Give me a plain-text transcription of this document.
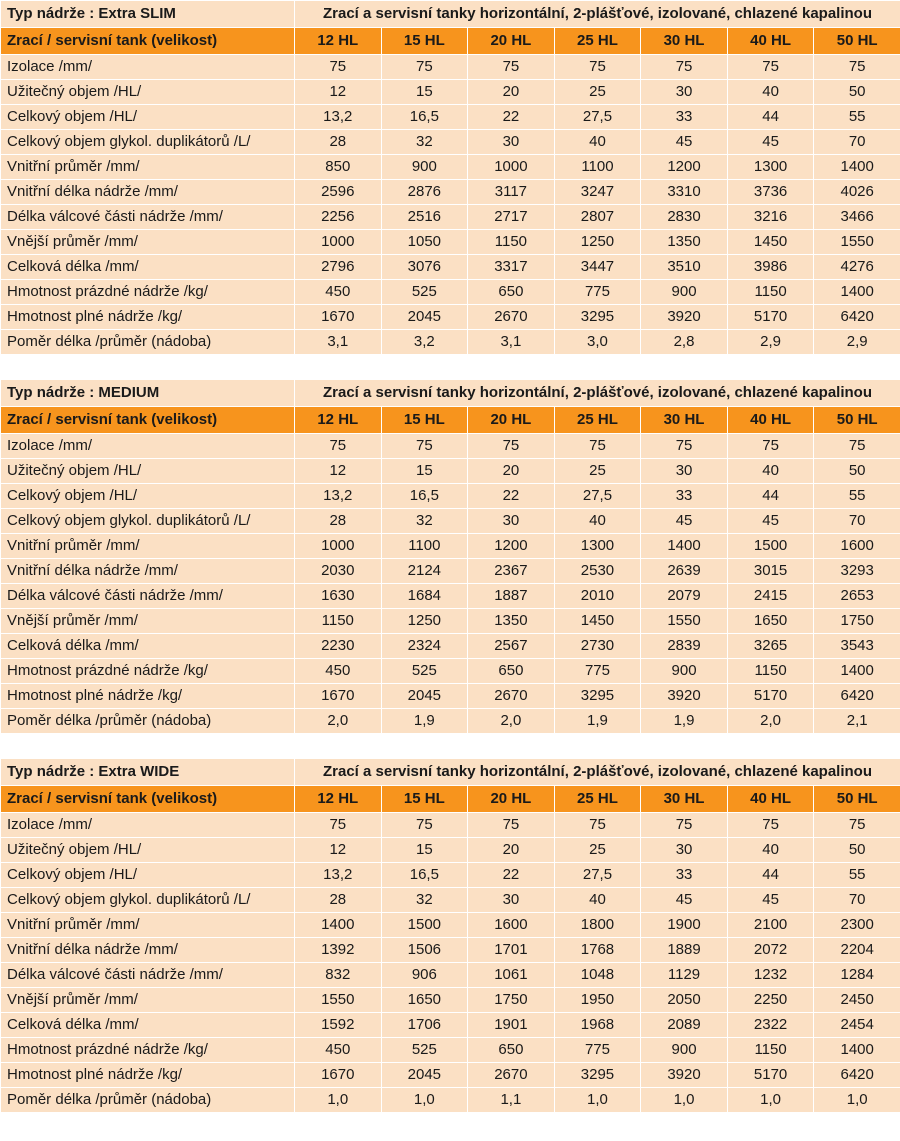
Typ nádrže : Extra SLIM	Zrací a servisní tanky horizontální, 2-plášťové, izolované, chlazené kapalinou						
Zrací / servisní tank (velikost)	12 HL	15 HL	20 HL	25 HL	30 HL	40 HL	50 HL
Izolace /mm/	75	75	75	75	75	75	75
Užitečný objem /HL/	12	15	20	25	30	40	50
Celkový objem /HL/	13,2	16,5	22	27,5	33	44	55
Celkový objem glykol. duplikátorů /L/	28	32	30	40	45	45	70
Vnitřní průměr /mm/	850	900	1000	1100	1200	1300	1400
Vnitřní délka nádrže /mm/	2596	2876	3117	3247	3310	3736	4026
Délka válcové části nádrže /mm/	2256	2516	2717	2807	2830	3216	3466
Vnější průměr /mm/	1000	1050	1150	1250	1350	1450	1550
Celková délka /mm/	2796	3076	3317	3447	3510	3986	4276
Hmotnost prázdné nádrže /kg/	450	525	650	775	900	1150	1400
Hmotnost plné nádrže /kg/	1670	2045	2670	3295	3920	5170	6420
Poměr délka /průměr (nádoba)	3,1	3,2	3,1	3,0	2,8	2,9	2,9
Typ nádrže : MEDIUM	Zrací a servisní tanky horizontální, 2-plášťové, izolované, chlazené kapalinou						
Zrací / servisní tank (velikost)	12 HL	15 HL	20 HL	25 HL	30 HL	40 HL	50 HL
Izolace /mm/	75	75	75	75	75	75	75
Užitečný objem /HL/	12	15	20	25	30	40	50
Celkový objem /HL/	13,2	16,5	22	27,5	33	44	55
Celkový objem glykol. duplikátorů /L/	28	32	30	40	45	45	70
Vnitřní průměr /mm/	1000	1100	1200	1300	1400	1500	1600
Vnitřní délka nádrže /mm/	2030	2124	2367	2530	2639	3015	3293
Délka válcové části nádrže /mm/	1630	1684	1887	2010	2079	2415	2653
Vnější průměr /mm/	1150	1250	1350	1450	1550	1650	1750
Celková délka /mm/	2230	2324	2567	2730	2839	3265	3543
Hmotnost prázdné nádrže /kg/	450	525	650	775	900	1150	1400
Hmotnost plné nádrže /kg/	1670	2045	2670	3295	3920	5170	6420
Poměr délka /průměr (nádoba)	2,0	1,9	2,0	1,9	1,9	2,0	2,1
Typ nádrže : Extra WIDE	Zrací a servisní tanky horizontální, 2-plášťové, izolované, chlazené kapalinou						
Zrací / servisní tank (velikost)	12 HL	15 HL	20 HL	25 HL	30 HL	40 HL	50 HL
Izolace /mm/	75	75	75	75	75	75	75
Užitečný objem /HL/	12	15	20	25	30	40	50
Celkový objem /HL/	13,2	16,5	22	27,5	33	44	55
Celkový objem glykol. duplikátorů /L/	28	32	30	40	45	45	70
Vnitřní průměr /mm/	1400	1500	1600	1800	1900	2100	2300
Vnitřní délka nádrže /mm/	1392	1506	1701	1768	1889	2072	2204
Délka válcové části nádrže /mm/	832	906	1061	1048	1129	1232	1284
Vnější průměr /mm/	1550	1650	1750	1950	2050	2250	2450
Celková délka /mm/	1592	1706	1901	1968	2089	2322	2454
Hmotnost prázdné nádrže /kg/	450	525	650	775	900	1150	1400
Hmotnost plné nádrže /kg/	1670	2045	2670	3295	3920	5170	6420
Poměr délka /průměr (nádoba)	1,0	1,0	1,1	1,0	1,0	1,0	1,0
